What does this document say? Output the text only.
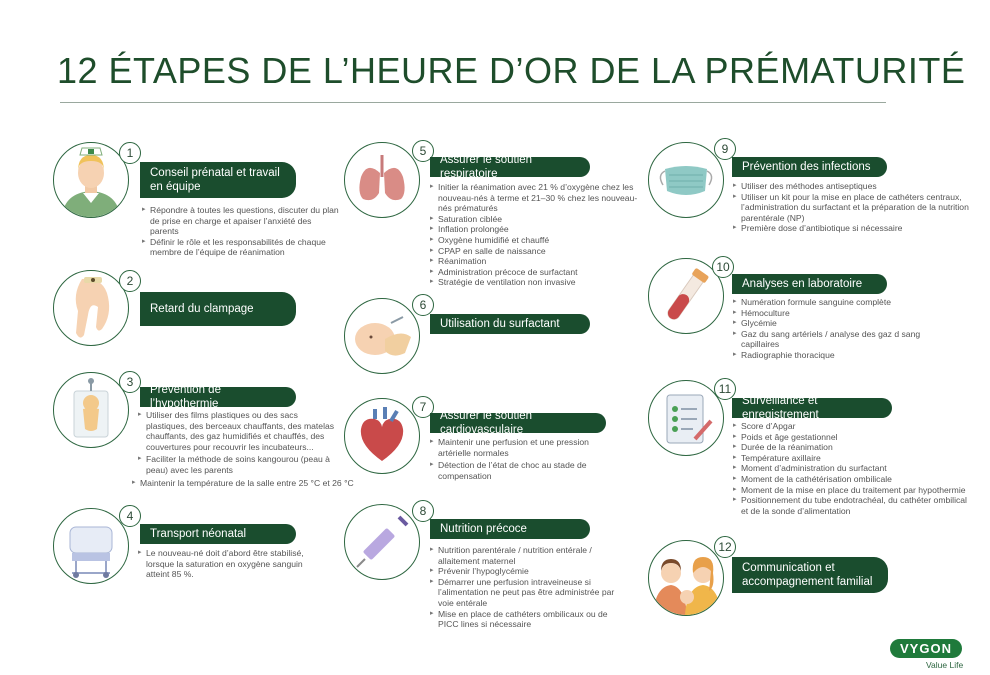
12 ÉTAPES DE L’HEURE D’OR DE LA PRÉMATURITÉ
1
Conseil prénatal et travail en équipe
▸ Répondre à toutes les questions, discuter du plan de prise en charge et apaiser l’anxiété des parents
▸ Définir le rôle et les responsabilités de chaque membre de l’équipe de réanimation
2
Retard du clampage
3
Prévention de l’hypothermie
▸ Utiliser des films plastiques ou des sacs plastiques, des berceaux chauffants, des matelas chauffants, des gaz humidifiés et chauffés, des couvertures pour recouvrir les incubateurs...
▸ Faciliter la méthode de soins kangourou (peau à peau) avec les parents
▸ Maintenir la température de la salle entre 25 °C et 26 °C
4
Transport néonatal
▸ Le nouveau-né doit d’abord être stabilisé, lorsque la saturation en oxygène sanguin atteint 85 %.
5
Assurer le soutien respiratoire
▸ Initier la réanimation avec 21 % d’oxygène chez les nouveau-nés à terme et 21–30 % chez les nouveau-nés prématurés
▸ Saturation ciblée
▸ Inflation prolongée
▸ Oxygène humidifié et chauffé
▸ CPAP en salle de naissance
▸ Réanimation
▸ Administration précoce de surfactant
▸ Stratégie de ventilation non invasive
6
Utilisation du surfactant
7
Assurer le soutien cardiovasculaire
▸ Maintenir une perfusion et une pression artérielle normales
▸ Détection de l’état de choc au stade de compensation
8
Nutrition précoce
▸ Nutrition parentérale / nutrition entérale / allaitement maternel
▸ Prévenir l’hypoglycémie
▸ Démarrer une perfusion intraveineuse si l’alimentation ne peut pas être administrée par voie entérale
▸ Mise en place de cathéters ombilicaux ou de PICC lines si nécessaire
9
Prévention des infections
▸ Utiliser des méthodes antiseptiques
▸ Utiliser un kit pour la mise en place de cathéters centraux, l’administration du surfactant et la préparation de la nutrition parentérale (NP)
▸ Première dose d’antibiotique si nécessaire
10
Analyses en laboratoire
▸ Numération formule sanguine complète
▸ Hémoculture
▸ Glycémie
▸ Gaz du sang artériels / analyse des gaz d sang capillaires
▸ Radiographie thoracique
11
Surveillance et enregistrement
▸ Score d’Apgar
▸ Poids et âge gestationnel
▸ Durée de la réanimation
▸ Température axillaire
▸ Moment d’administration du surfactant
▸ Moment de la cathétérisation ombilicale
▸ Moment de la mise en place du traitement par hypothermie
▸ Positionnement du tube endotrachéal, du cathéter ombilical et de la sonde d’alimentation
12
Communication et accompagnement familial
VYGON
Value Life
